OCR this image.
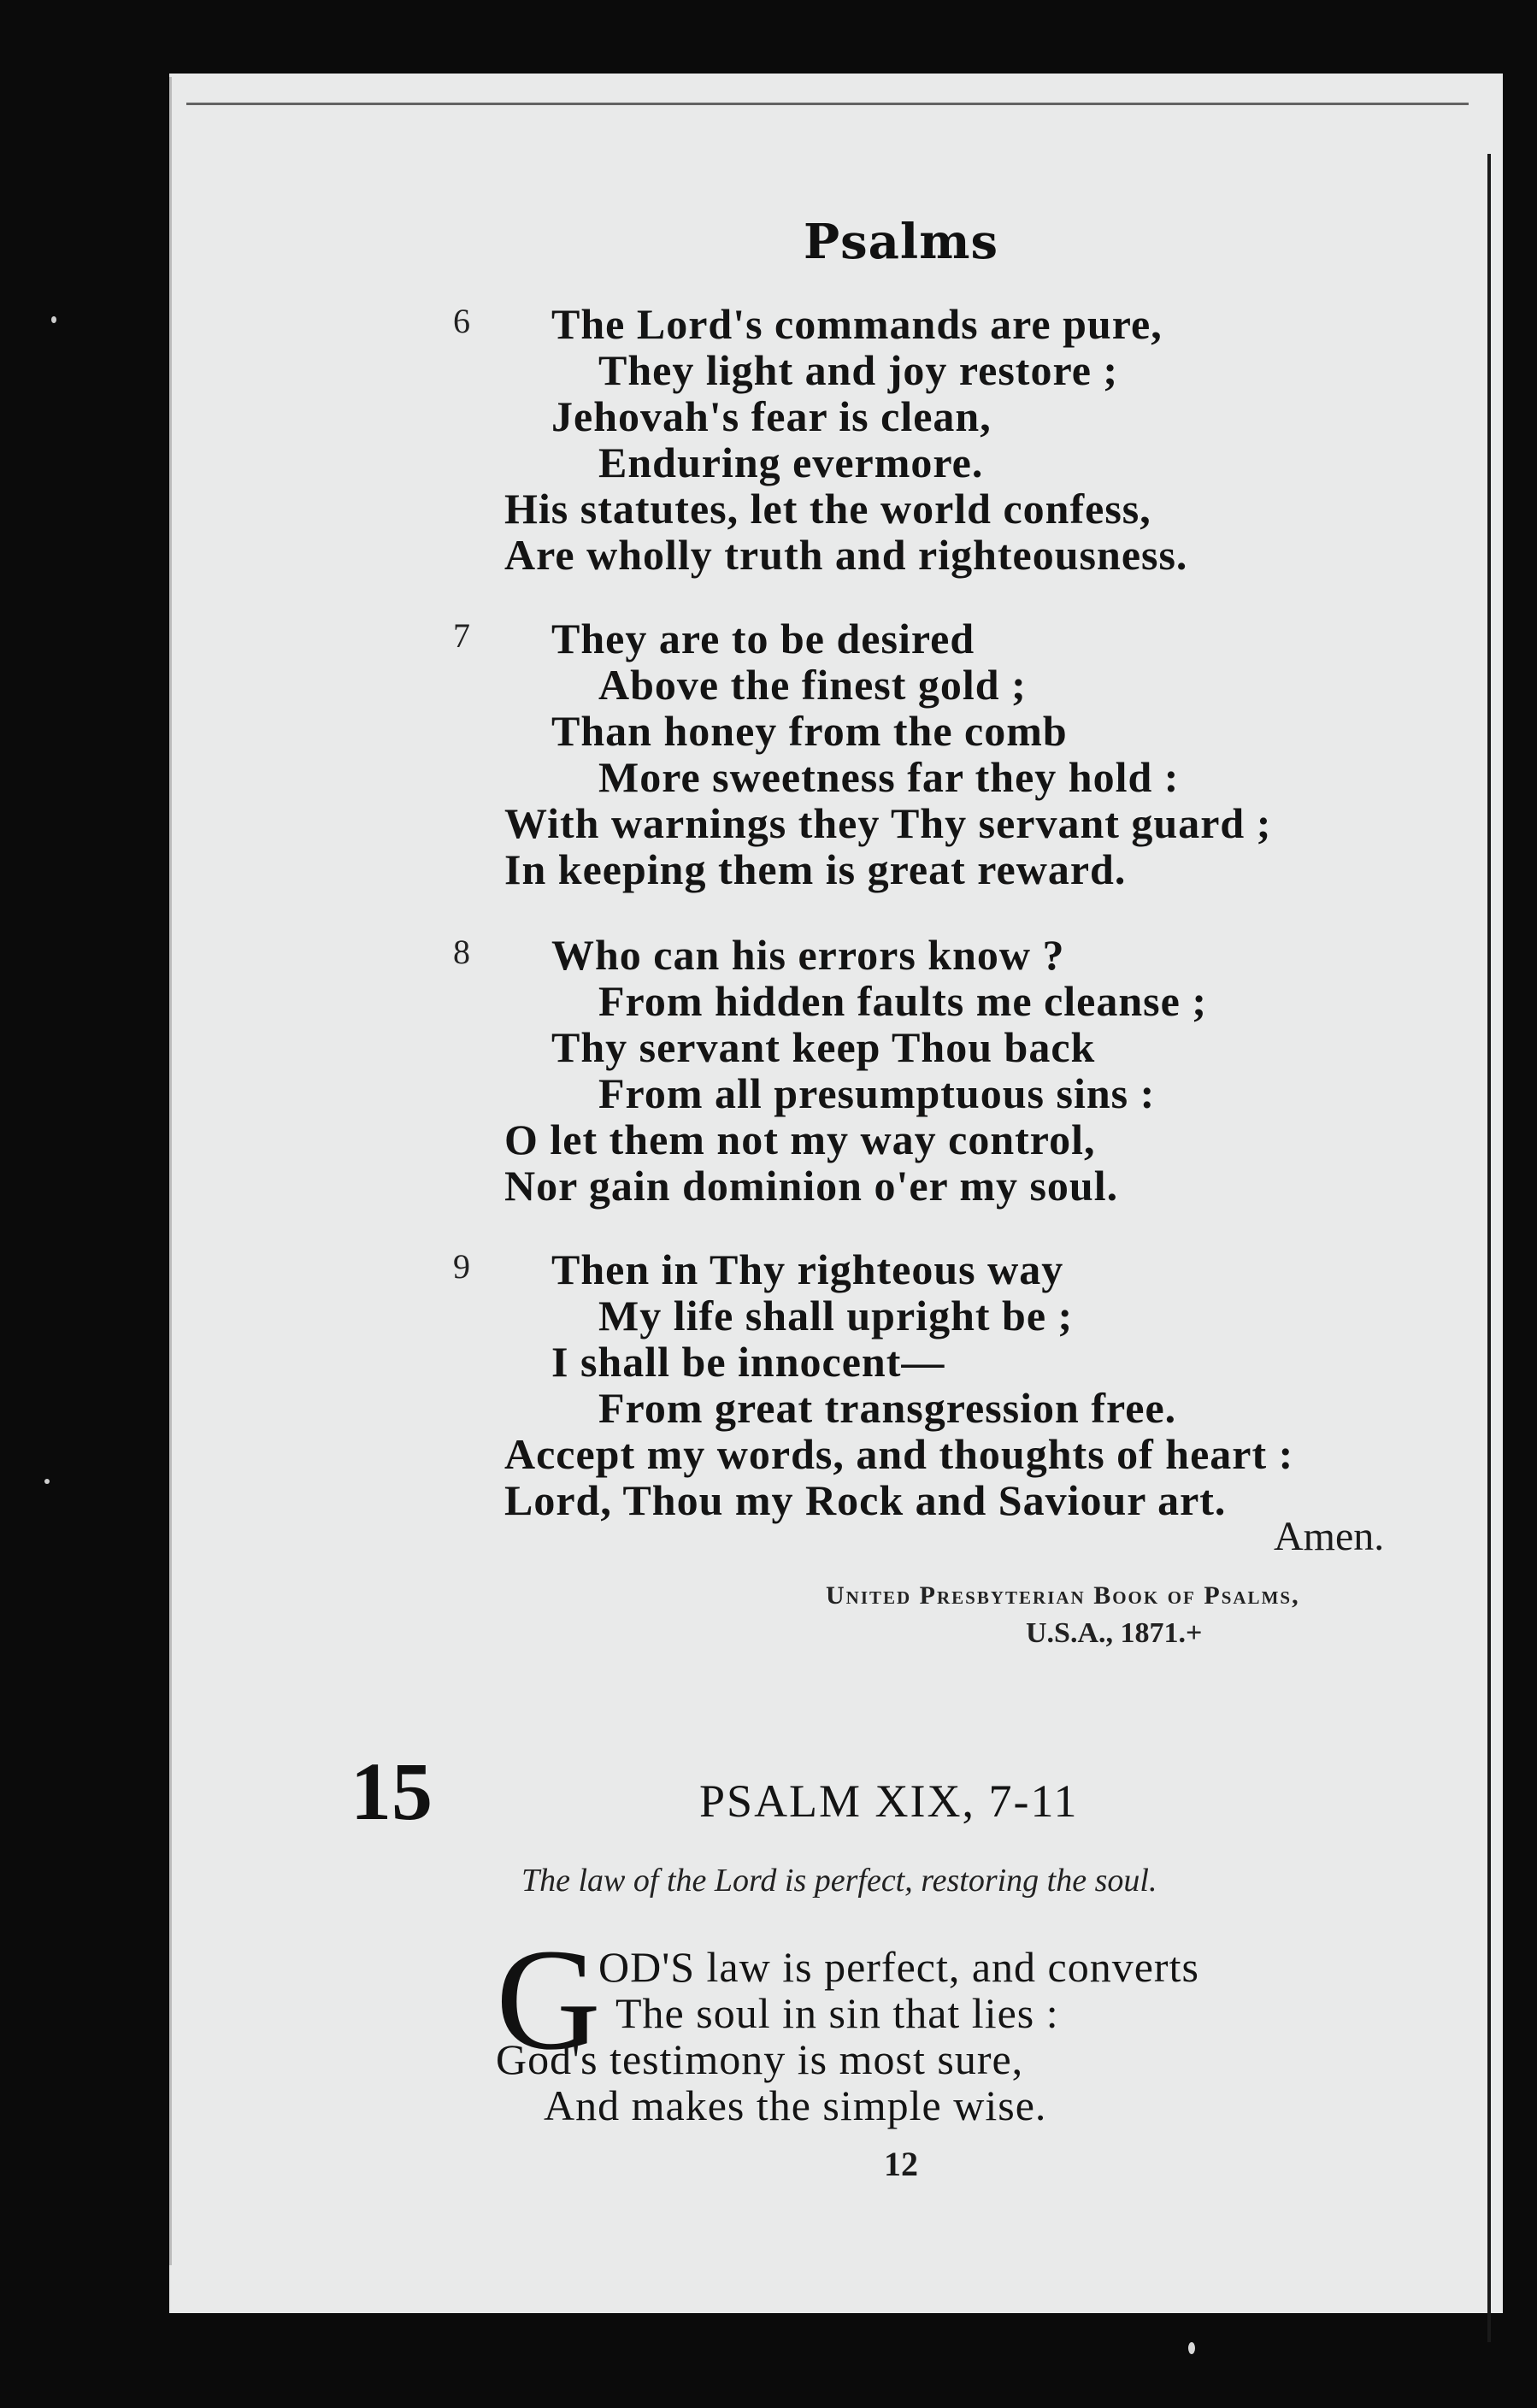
Psalms
6 The Lord's commands are pure,
They light and joy restore ;
Jehovah's fear is clean,
Enduring evermore.
His statutes, let the world confess,
Are wholly truth and righteousness.
7 They are to be desired
Above the finest gold ;
Than honey from the comb
More sweetness far they hold :
With warnings they Thy servant guard ;
In keeping them is great reward.
8 Who can his errors know ?
From hidden faults me cleanse ;
Thy servant keep Thou back
From all presumptuous sins :
O let them not my way control,
Nor gain dominion o'er my soul.
9 Then in Thy righteous way
My life shall upright be ;
I shall be innocent—
From great transgression free.
Accept my words, and thoughts of heart :
Lord, Thou my Rock and Saviour art.
Amen.
United Presbyterian Book of Psalms,
U.S.A., 1871.+
15	PSALM XIX, 7-11
The law of the Lord is perfect, restoring the soul.
G
OD'S law is perfect, and converts
The soul in sin that lies :
God's testimony is most sure,
And makes the simple wise.
12
